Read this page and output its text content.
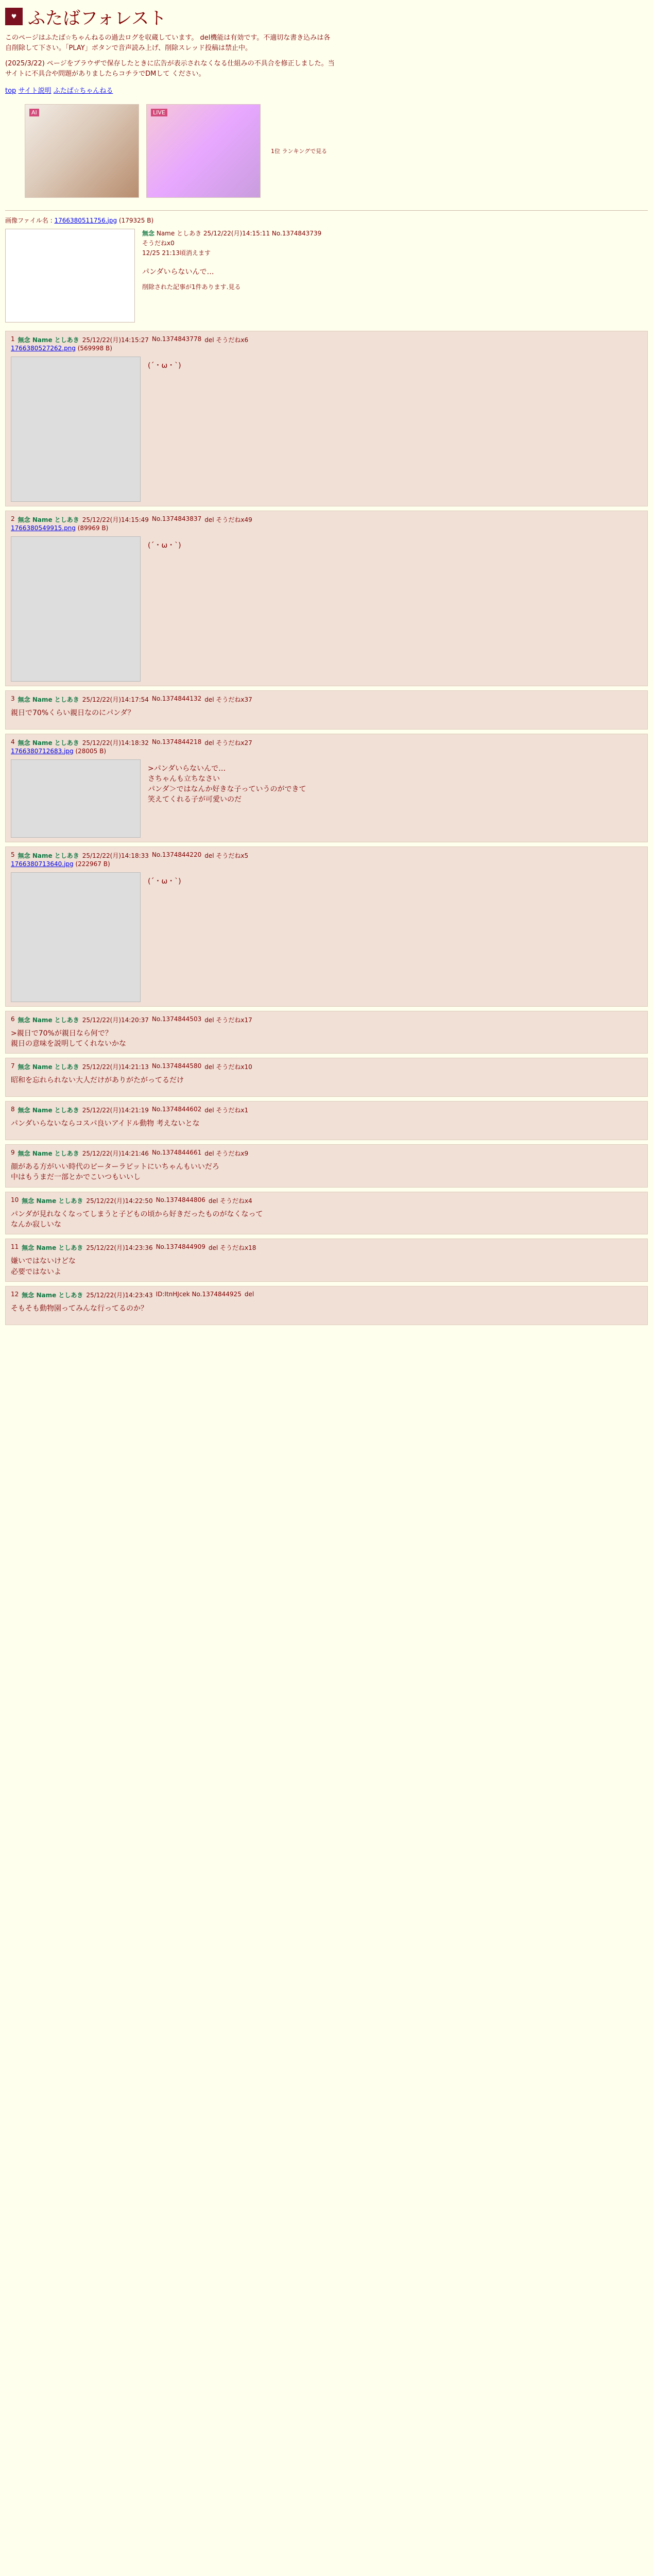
♥ ふたばフォレスト
このページはふたば☆ちゃんねるの過去ログを収蔵しています。 del機能は有効です。不適切な書き込みは各自削除して下さい。「PLAY」ボタンで音声読み上げ、削除スレッド投稿は禁止中。
(2025/3/22) ページをブラウザで保存したときに広告が表示されなくなる仕組みの不具合を修正しました。当サイトに不具合や問題がありましたらコチラでDMして ください。
top サイト説明 ふたば☆ちゃんねる
AI	LIVE
1位 ランキングで見る
画像ファイル名 : 1766380511756.jpg (179325 B)
無念 Name としあき 25/12/22(月)14:15:11 No.1374843739
そうだねx0
12/25 21:13頃消えます
パンダいらないんで…
削除された記事が1件あります.見る
1 無念 Name としあき 25/12/22(月)14:15:27 No.1374843778 del そうだねx6
1766380527262.png (569998 B)
(´・ω・`)
2 無念 Name としあき 25/12/22(月)14:15:49 No.1374843837 del そうだねx49
1766380549915.png (89969 B)
(´・ω・`)
3 無念 Name としあき 25/12/22(月)14:17:54 No.1374844132 del そうだねx37
親日で70%くらい親日なのにパンダ？
4 無念 Name としあき 25/12/22(月)14:18:32 No.1374844218 del そうだねx27
1766380712683.jpg (28005 B)
>パンダいらないんで…
さちゃんも立ちなさい
パンダ＞ではなんか好きな子っていうのができて
笑えてくれる子が可愛いのだ
5 無念 Name としあき 25/12/22(月)14:18:33 No.1374844220 del そうだねx5
1766380713640.jpg (222967 B)
(´・ω・`)
6 無念 Name としあき 25/12/22(月)14:20:37 No.1374844503 del そうだねx17
>親日で70%が親日なら何で？
親日の意味を説明してくれないかな
7 無念 Name としあき 25/12/22(月)14:21:13 No.1374844580 del そうだねx10
昭和を忘れられない大人だけがありがたがってるだけ
8 無念 Name としあき 25/12/22(月)14:21:19 No.1374844602 del そうだねx1
パンダいらないならコスパ良いアイドル動物 考えないとな
9 無念 Name としあき 25/12/22(月)14:21:46 No.1374844661 del そうだねx9
顔がある方がいい時代のピーターラビットにいちゃんもいいだろ
中はもうまだ一部とかでこいつもいいし
10 無念 Name としあき 25/12/22(月)14:22:50 No.1374844806 del そうだねx4
パンダが見れなくなってしまうと子どもの頃から好きだったものがなくなって
なんか寂しいな
11 無念 Name としあき 25/12/22(月)14:23:36 No.1374844909 del そうだねx18
嫌いではないけどな
必要ではないよ
12 無念 Name としあき 25/12/22(月)14:23:43 ID:ItnHJcek No.1374844925 del
そもそも動物園ってみんな行ってるのか？
